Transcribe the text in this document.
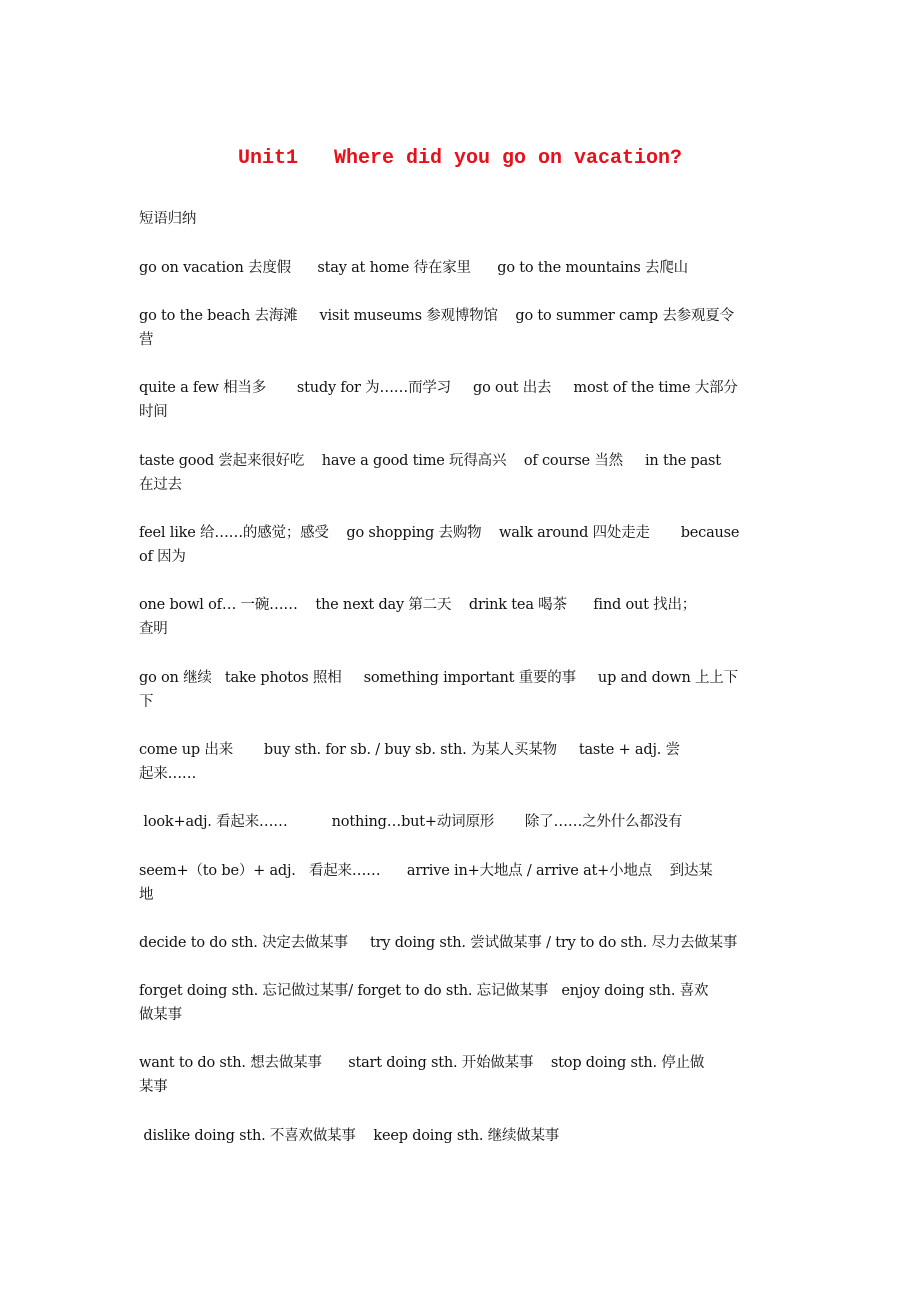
Unit1   Where did you go on vacation?
短语归纳
go on vacation 去度假      stay at home 待在家里      go to the mountains 去爬山
go to the beach 去海滩     visit museums 参观博物馆    go to summer camp 去参观夏令
营
quite a few 相当多       study for 为……而学习     go out 出去     most of the time 大部分
时间
taste good 尝起来很好吃    have a good time 玩得高兴    of course 当然     in the past
在过去
feel like 给……的感觉；感受    go shopping 去购物    walk around 四处走走       because
of 因为
one bowl of… 一碗……    the next day 第二天    drink tea 喝茶      find out 找出；
查明
go on 继续   take photos 照相     something important 重要的事     up and down 上上下
下
come up 出来       buy sth. for sb. / buy sb. sth. 为某人买某物     taste + adj. 尝
起来……
look+adj. 看起来……          nothing…but+动词原形       除了……之外什么都没有
seem+（to be）+ adj.   看起来……      arrive in+大地点 / arrive at+小地点    到达某
地
decide to do sth. 决定去做某事     try doing sth. 尝试做某事 / try to do sth. 尽力去做某事
forget doing sth. 忘记做过某事/ forget to do sth. 忘记做某事   enjoy doing sth. 喜欢
做某事
want to do sth. 想去做某事      start doing sth. 开始做某事    stop doing sth. 停止做
某事
dislike doing sth. 不喜欢做某事    keep doing sth. 继续做某事
